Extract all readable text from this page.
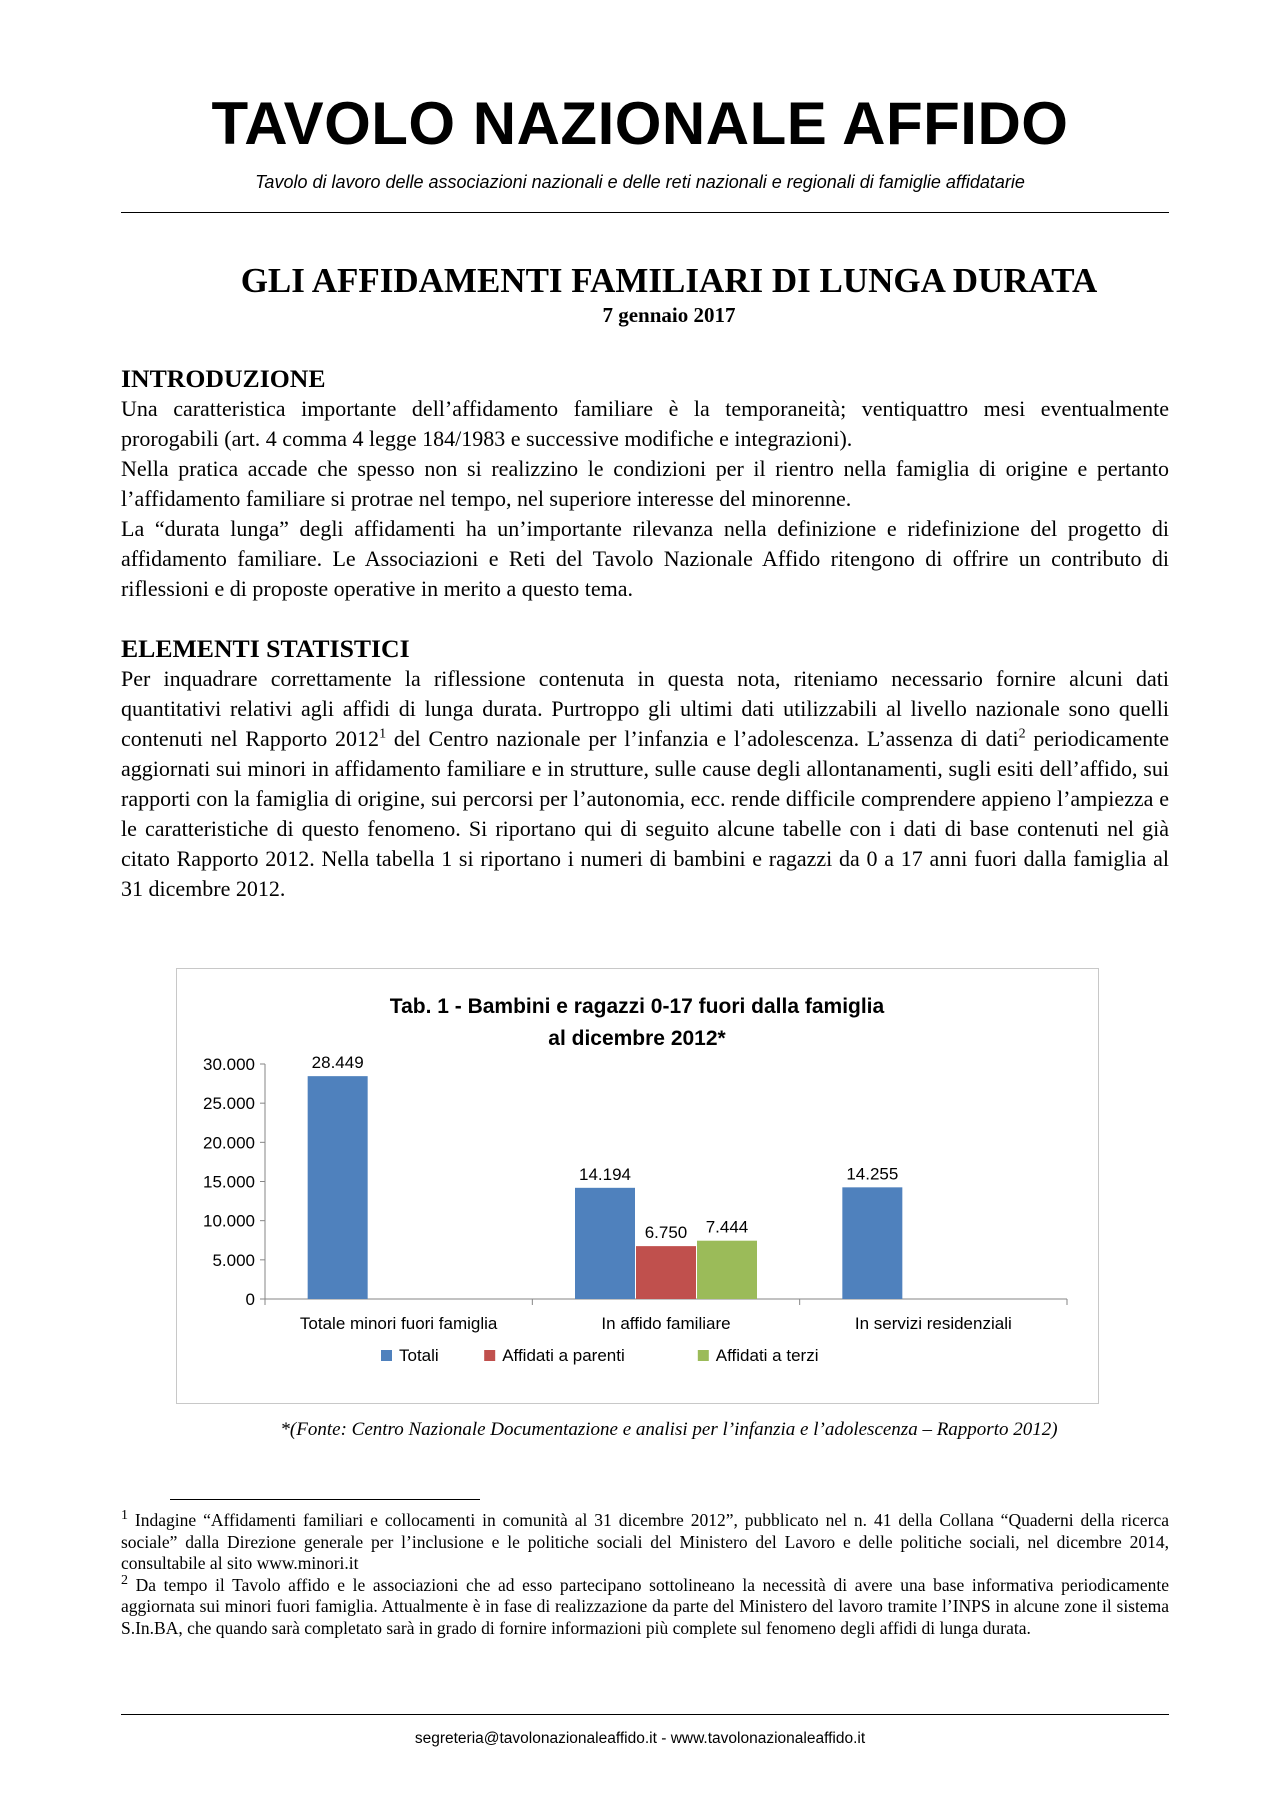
TAVOLO NAZIONALE AFFIDO

Tavolo di lavoro delle associazioni nazionali e delle reti nazionali e regionali di famiglie affidatarie

GLI AFFIDAMENTI FAMILIARI DI LUNGA DURATA

7 gennaio 2017

INTRODUZIONE

Una caratteristica importante dell’affidamento familiare è la temporaneità; ventiquattro mesi eventualmente prorogabili (art. 4 comma 4 legge 184/1983 e successive modifiche e integrazioni).

Nella pratica accade che spesso non si realizzino le condizioni per il rientro nella famiglia di origine e pertanto l’affidamento familiare si protrae nel tempo, nel superiore interesse del minorenne.

La “durata lunga” degli affidamenti ha un’importante rilevanza nella definizione e ridefinizione del progetto di affidamento familiare. Le Associazioni e Reti del Tavolo Nazionale Affido ritengono di offrire un contributo di riflessioni e di proposte operative in merito a questo tema.

ELEMENTI STATISTICI

Per inquadrare correttamente la riflessione contenuta in questa nota, riteniamo necessario fornire alcuni dati quantitativi relativi agli affidi di lunga durata. Purtroppo gli ultimi dati utilizzabili al livello nazionale sono quelli contenuti nel Rapporto 2012$^1$ del Centro nazionale per l’infanzia e l’adolescenza. L’assenza di dati$^2$ periodicamente aggiornati sui minori in affidamento familiare e in strutture, sulle cause degli allontanamenti, sugli esiti dell’affido, sui rapporti con la famiglia di origine, sui percorsi per l’autonomia, ecc. rende difficile comprendere appieno l’ampiezza e le caratteristiche di questo fenomeno. Si riportano qui di seguito alcune tabelle con i dati di base contenuti nel già citato Rapporto 2012. Nella tabella 1 si riportano i numeri di bambini e ragazzi da 0 a 17 anni fuori dalla famiglia al 31 dicembre 2012.

Tab. 1 - Bambini e ragazzi 0-17 fuori dalla famiglia
al dicembre 2012*
0
5.000
10.000
15.000
20.000
25.000
30.000	28.449
Totale minori fuori famiglia
14.194
6.750 7.444
In affido familiare
14.255
In servizi residenziali
Totali	Affidati a parenti	Affidati a terzi

*(Fonte: Centro Nazionale Documentazione e analisi per l’infanzia e l’adolescenza – Rapporto 2012)

$^1$ Indagine “Affidamenti familiari e collocamenti in comunità al 31 dicembre 2012”, pubblicato nel n. 41 della Collana “Quaderni della ricerca sociale” dalla Direzione generale per l’inclusione e le politiche sociali del Ministero del Lavoro e delle politiche sociali, nel dicembre 2014, consultabile al sito www.minori.it

$^2$ Da tempo il Tavolo affido e le associazioni che ad esso partecipano sottolineano la necessità di avere una base informativa periodicamente aggiornata sui minori fuori famiglia. Attualmente è in fase di realizzazione da parte del Ministero del lavoro tramite l’INPS in alcune zone il sistema S.In.BA, che quando sarà completato sarà in grado di fornire informazioni più complete sul fenomeno degli affidi di lunga durata.

segreteria@tavolonazionaleaffido.it - www.tavolonazionaleaffido.it
